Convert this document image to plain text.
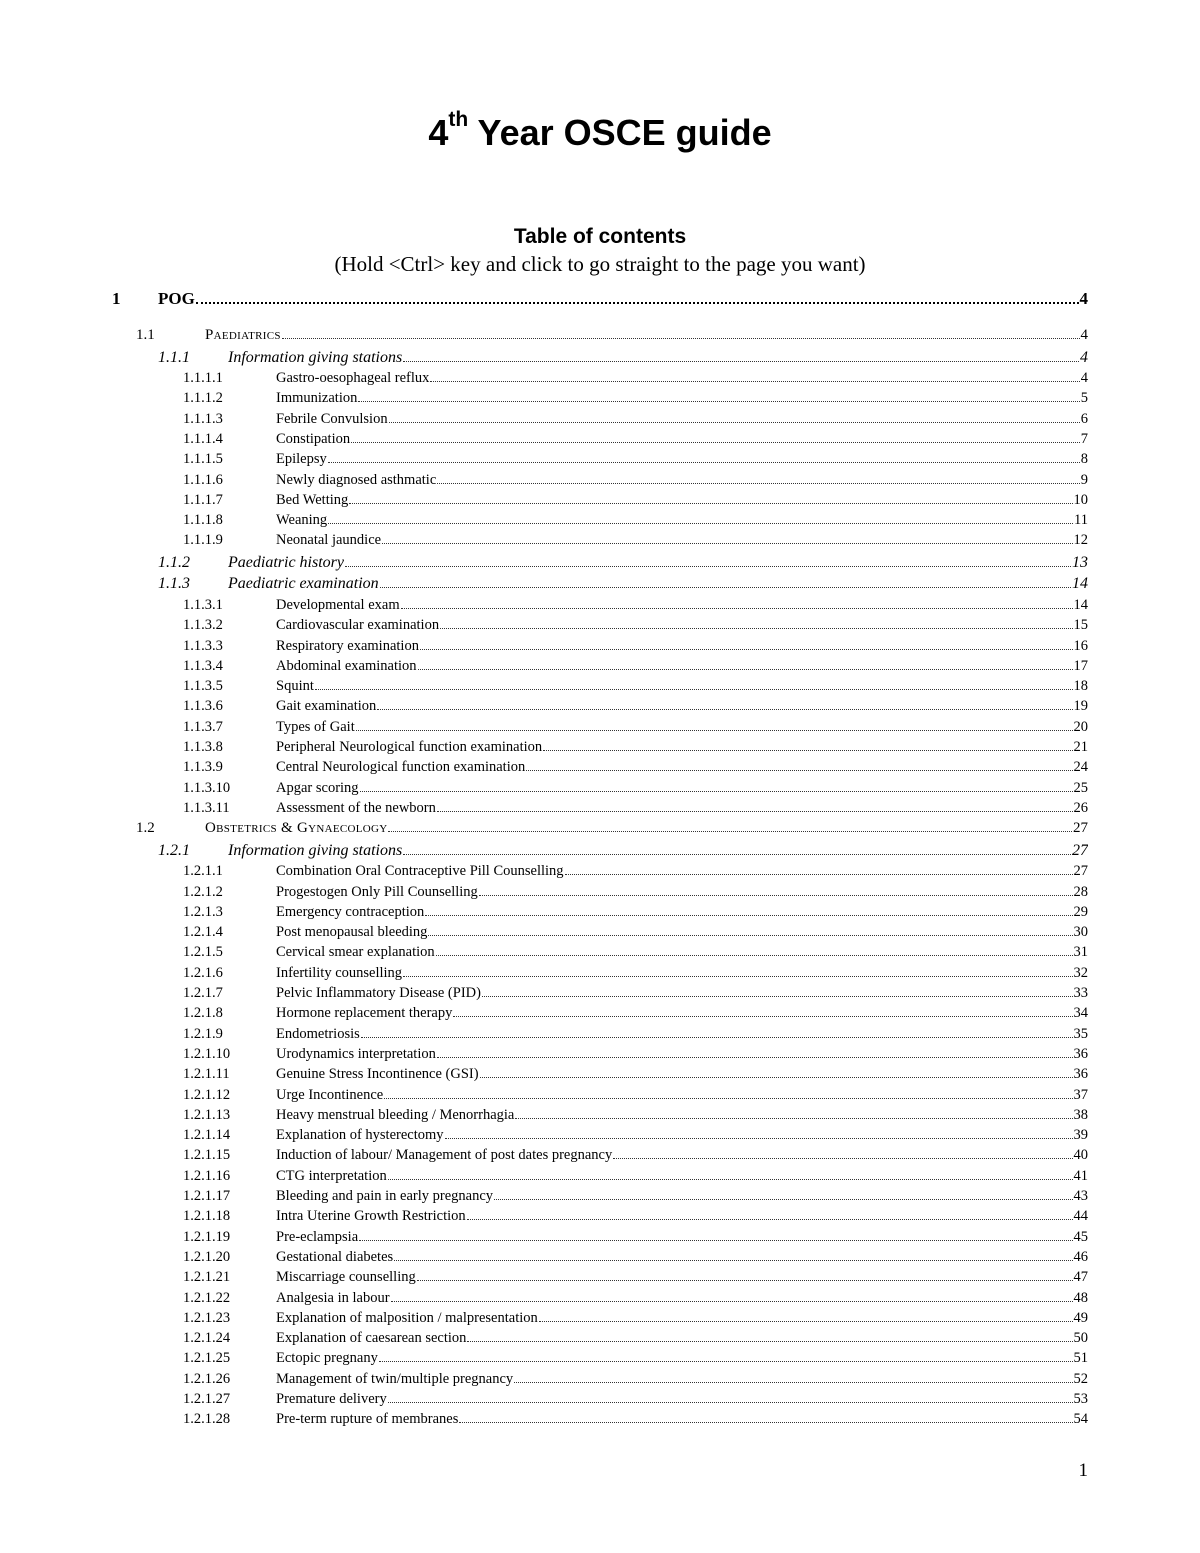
4th Year OSCE guide
Table of contents
(Hold <Ctrl> key and click to go straight to the page you want)
1 POG	4
1.1	Paediatrics	4
1.1.1 Information giving stations	4
1.1.1.1	Gastro-oesophageal reflux	4
1.1.1.2	Immunization	5
1.1.1.3	Febrile Convulsion	6
1.1.1.4	Constipation	7
1.1.1.5	Epilepsy	8
1.1.1.6	Newly diagnosed asthmatic	9
1.1.1.7	Bed Wetting	10
1.1.1.8	Weaning	11
1.1.1.9	Neonatal jaundice	12
1.1.2 Paediatric history	13
1.1.3 Paediatric examination	14
1.1.3.1	Developmental exam	14
1.1.3.2	Cardiovascular examination	15
1.1.3.3	Respiratory examination	16
1.1.3.4	Abdominal examination	17
1.1.3.5	Squint	18
1.1.3.6	Gait examination	19
1.1.3.7	Types of Gait	20
1.1.3.8	Peripheral Neurological function examination	21
1.1.3.9	Central Neurological function examination	24
1.1.3.10	Apgar scoring	25
1.1.3.11	Assessment of the newborn	26
1.2	Obstetrics & Gynaecology	27
1.2.1 Information giving stations	27
1.2.1.1	Combination Oral Contraceptive Pill Counselling	27
1.2.1.2	Progestogen Only Pill Counselling	28
1.2.1.3	Emergency contraception	29
1.2.1.4	Post menopausal bleeding	30
1.2.1.5	Cervical smear explanation	31
1.2.1.6	Infertility counselling	32
1.2.1.7	Pelvic Inflammatory Disease (PID)	33
1.2.1.8	Hormone replacement therapy	34
1.2.1.9	Endometriosis	35
1.2.1.10	Urodynamics interpretation	36
1.2.1.11	Genuine Stress Incontinence (GSI)	36
1.2.1.12	Urge Incontinence	37
1.2.1.13	Heavy menstrual bleeding / Menorrhagia	38
1.2.1.14	Explanation of hysterectomy	39
1.2.1.15	Induction of labour/ Management of post dates pregnancy	40
1.2.1.16	CTG interpretation	41
1.2.1.17	Bleeding and pain in early pregnancy	43
1.2.1.18	Intra Uterine Growth Restriction	44
1.2.1.19	Pre-eclampsia	45
1.2.1.20	Gestational diabetes	46
1.2.1.21	Miscarriage counselling	47
1.2.1.22	Analgesia in labour	48
1.2.1.23	Explanation of malposition / malpresentation	49
1.2.1.24	Explanation of caesarean section	50
1.2.1.25	Ectopic pregnany	51
1.2.1.26	Management of twin/multiple pregnancy	52
1.2.1.27	Premature delivery	53
1.2.1.28	Pre-term rupture of membranes	54
1
